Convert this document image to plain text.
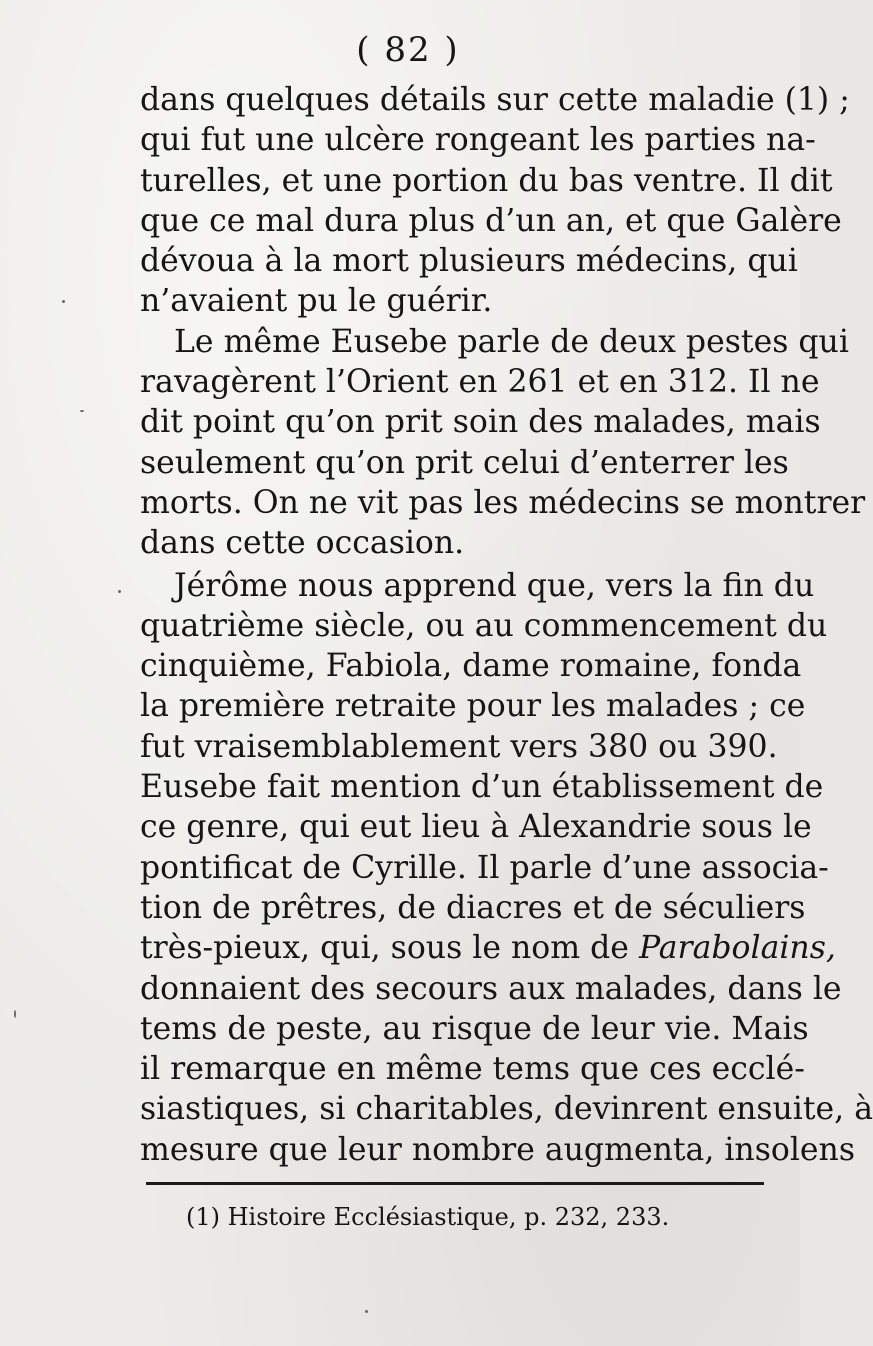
( 82 )
dans quelques détails sur cette maladie (1) ;
qui fut une ulcère rongeant les parties na-
turelles, et une portion du bas ventre. Il dit
que ce mal dura plus d’un an, et que Galère
dévoua à la mort plusieurs médecins, qui
n’avaient pu le guérir.
Le même Eusebe parle de deux pestes qui
ravagèrent l’Orient en 261 et en 312. Il ne
dit point qu’on prit soin des malades, mais
seulement qu’on prit celui d’enterrer les
morts. On ne vit pas les médecins se montrer
dans cette occasion.
Jérôme nous apprend que, vers la fin du
quatrième siècle, ou au commencement du
cinquième, Fabiola, dame romaine, fonda
la première retraite pour les malades ; ce
fut vraisemblablement vers 380 ou 390.
Eusebe fait mention d’un établissement de
ce genre, qui eut lieu à Alexandrie sous le
pontificat de Cyrille. Il parle d’une associa-
tion de prêtres, de diacres et de séculiers
très-pieux, qui, sous le nom de Parabolains,
donnaient des secours aux malades, dans le
tems de peste, au risque de leur vie. Mais
il remarque en même tems que ces ecclé-
siastiques, si charitables, devinrent ensuite, à
mesure que leur nombre augmenta, insolens
(1) Histoire Ecclésiastique, p. 232, 233.
